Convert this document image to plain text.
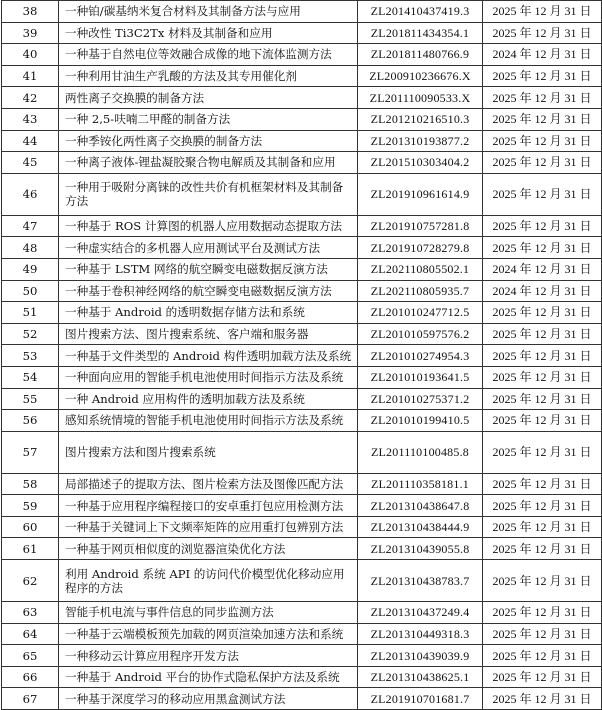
38	一种铂/碳基纳米复合材料及其制备方法与应用	ZL201410437419.3	2025 年 12 月 31 日
39	一种改性 Ti3C2Tx 材料及其制备和应用	ZL201811434354.1	2025 年 12 月 31 日
40	一种基于自然电位等效融合成像的地下流体监测方法	ZL201811480766.9	2024 年 12 月 31 日
41	一种利用甘油生产乳酸的方法及其专用催化剂	ZL200910236676.X	2025 年 12 月 31 日
42	两性离子交换膜的制备方法	ZL201110090533.X	2025 年 12 月 31 日
43	一种 2,5-呋喃二甲醛的制备方法	ZL201210216510.3	2025 年 12 月 31 日
44	一种季铵化两性离子交换膜的制备方法	ZL201310193877.2	2025 年 12 月 31 日
45	一种离子液体-锂盐凝胶聚合物电解质及其制备和应用	ZL201510303404.2	2025 年 12 月 31 日
46	一种用于吸附分离铼的改性共价有机框架材料及其制备方法	ZL201910961614.9	2025 年 12 月 31 日
47	一种基于 ROS 计算图的机器人应用数据动态提取方法	ZL201910757281.8	2025 年 12 月 31 日
48	一种虚实结合的多机器人应用测试平台及测试方法	ZL201910728279.8	2025 年 12 月 31 日
49	一种基于 LSTM 网络的航空瞬变电磁数据反演方法	ZL202110805502.1	2024 年 12 月 31 日
50	一种基于卷积神经网络的航空瞬变电磁数据反演方法	ZL202110805935.7	2024 年 12 月 31 日
51	一种基于 Android 的透明数据存储方法和系统	ZL201010247712.5	2025 年 12 月 31 日
52	图片搜索方法、图片搜索系统、客户端和服务器	ZL201010597576.2	2025 年 12 月 31 日
53	一种基于文件类型的 Android 构件透明加载方法及系统	ZL201010274954.3	2025 年 12 月 31 日
54	一种面向应用的智能手机电池使用时间指示方法及系统	ZL201010193641.5	2025 年 12 月 31 日
55	一种 Android 应用构件的透明加载方法及系统	ZL201010275371.2	2025 年 12 月 31 日
56	感知系统情境的智能手机电池使用时间指示方法及系统	ZL201010199410.5	2025 年 12 月 31 日
57	图片搜索方法和图片搜索系统	ZL201110100485.8	2025 年 12 月 31 日
58	局部描述子的提取方法、图片检索方法及图像匹配方法	ZL201110358181.1	2025 年 12 月 31 日
59	一种基于应用程序编程接口的安卓重打包应用检测方法	ZL201310438647.8	2025 年 12 月 31 日
60	一种基于关键词上下文频率矩阵的应用重打包辨别方法	ZL201310438444.9	2025 年 12 月 31 日
61	一种基于网页相似度的浏览器渲染优化方法	ZL201310439055.8	2025 年 12 月 31 日
62	利用 Android 系统 API 的访问代价模型优化移动应用程序的方法	ZL201310438783.7	2025 年 12 月 31 日
63	智能手机电流与事件信息的同步监测方法	ZL201310437249.4	2025 年 12 月 31 日
64	一种基于云端模板预先加载的网页渲染加速方法和系统	ZL201310449318.3	2025 年 12 月 31 日
65	一种移动云计算应用程序开发方法	ZL201310439039.9	2025 年 12 月 31 日
66	一种基于 Android 平台的协作式隐私保护方法及系统	ZL201310438625.1	2025 年 12 月 31 日
67	一种基于深度学习的移动应用黑盒测试方法	ZL201910701681.7	2025 年 12 月 31 日
